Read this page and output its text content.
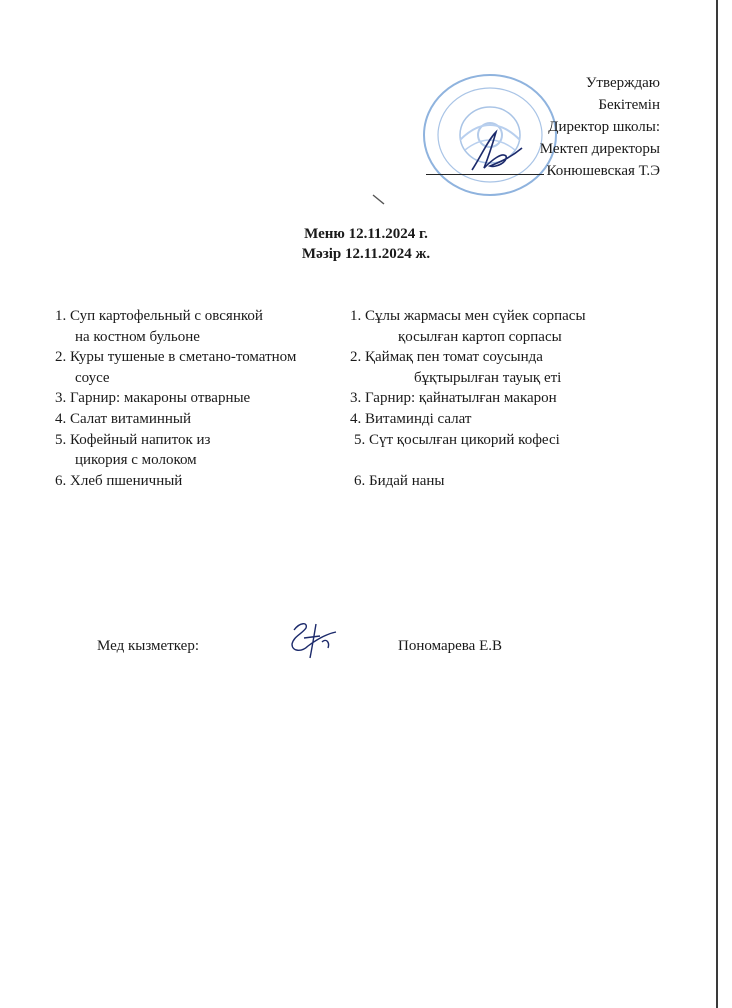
Утверждаю
Бекітемін
Директор школы:
Мектеп директоры
Конюшевская Т.Э
Меню 12.11.2024 г.
Мәзір 12.11.2024 ж.
1. Суп картофельный с овсянкой
на костном бульоне
2. Куры тушеные в сметано-томатном
соусе
3. Гарнир: макароны отварные
4. Салат витаминный
5. Кофейный напиток из
цикория с молоком
6. Хлеб пшеничный
1. Сұлы жармасы мен сүйек сорпасы
қосылған картоп сорпасы
2. Қаймақ пен томат соусында
бұқтырылған тауық еті
3. Гарнир: қайнатылған макарон
4. Витаминді салат
5. Сүт қосылған цикорий кофесі

6. Бидай наны
Мед кызметкер:	Пономарева Е.В
